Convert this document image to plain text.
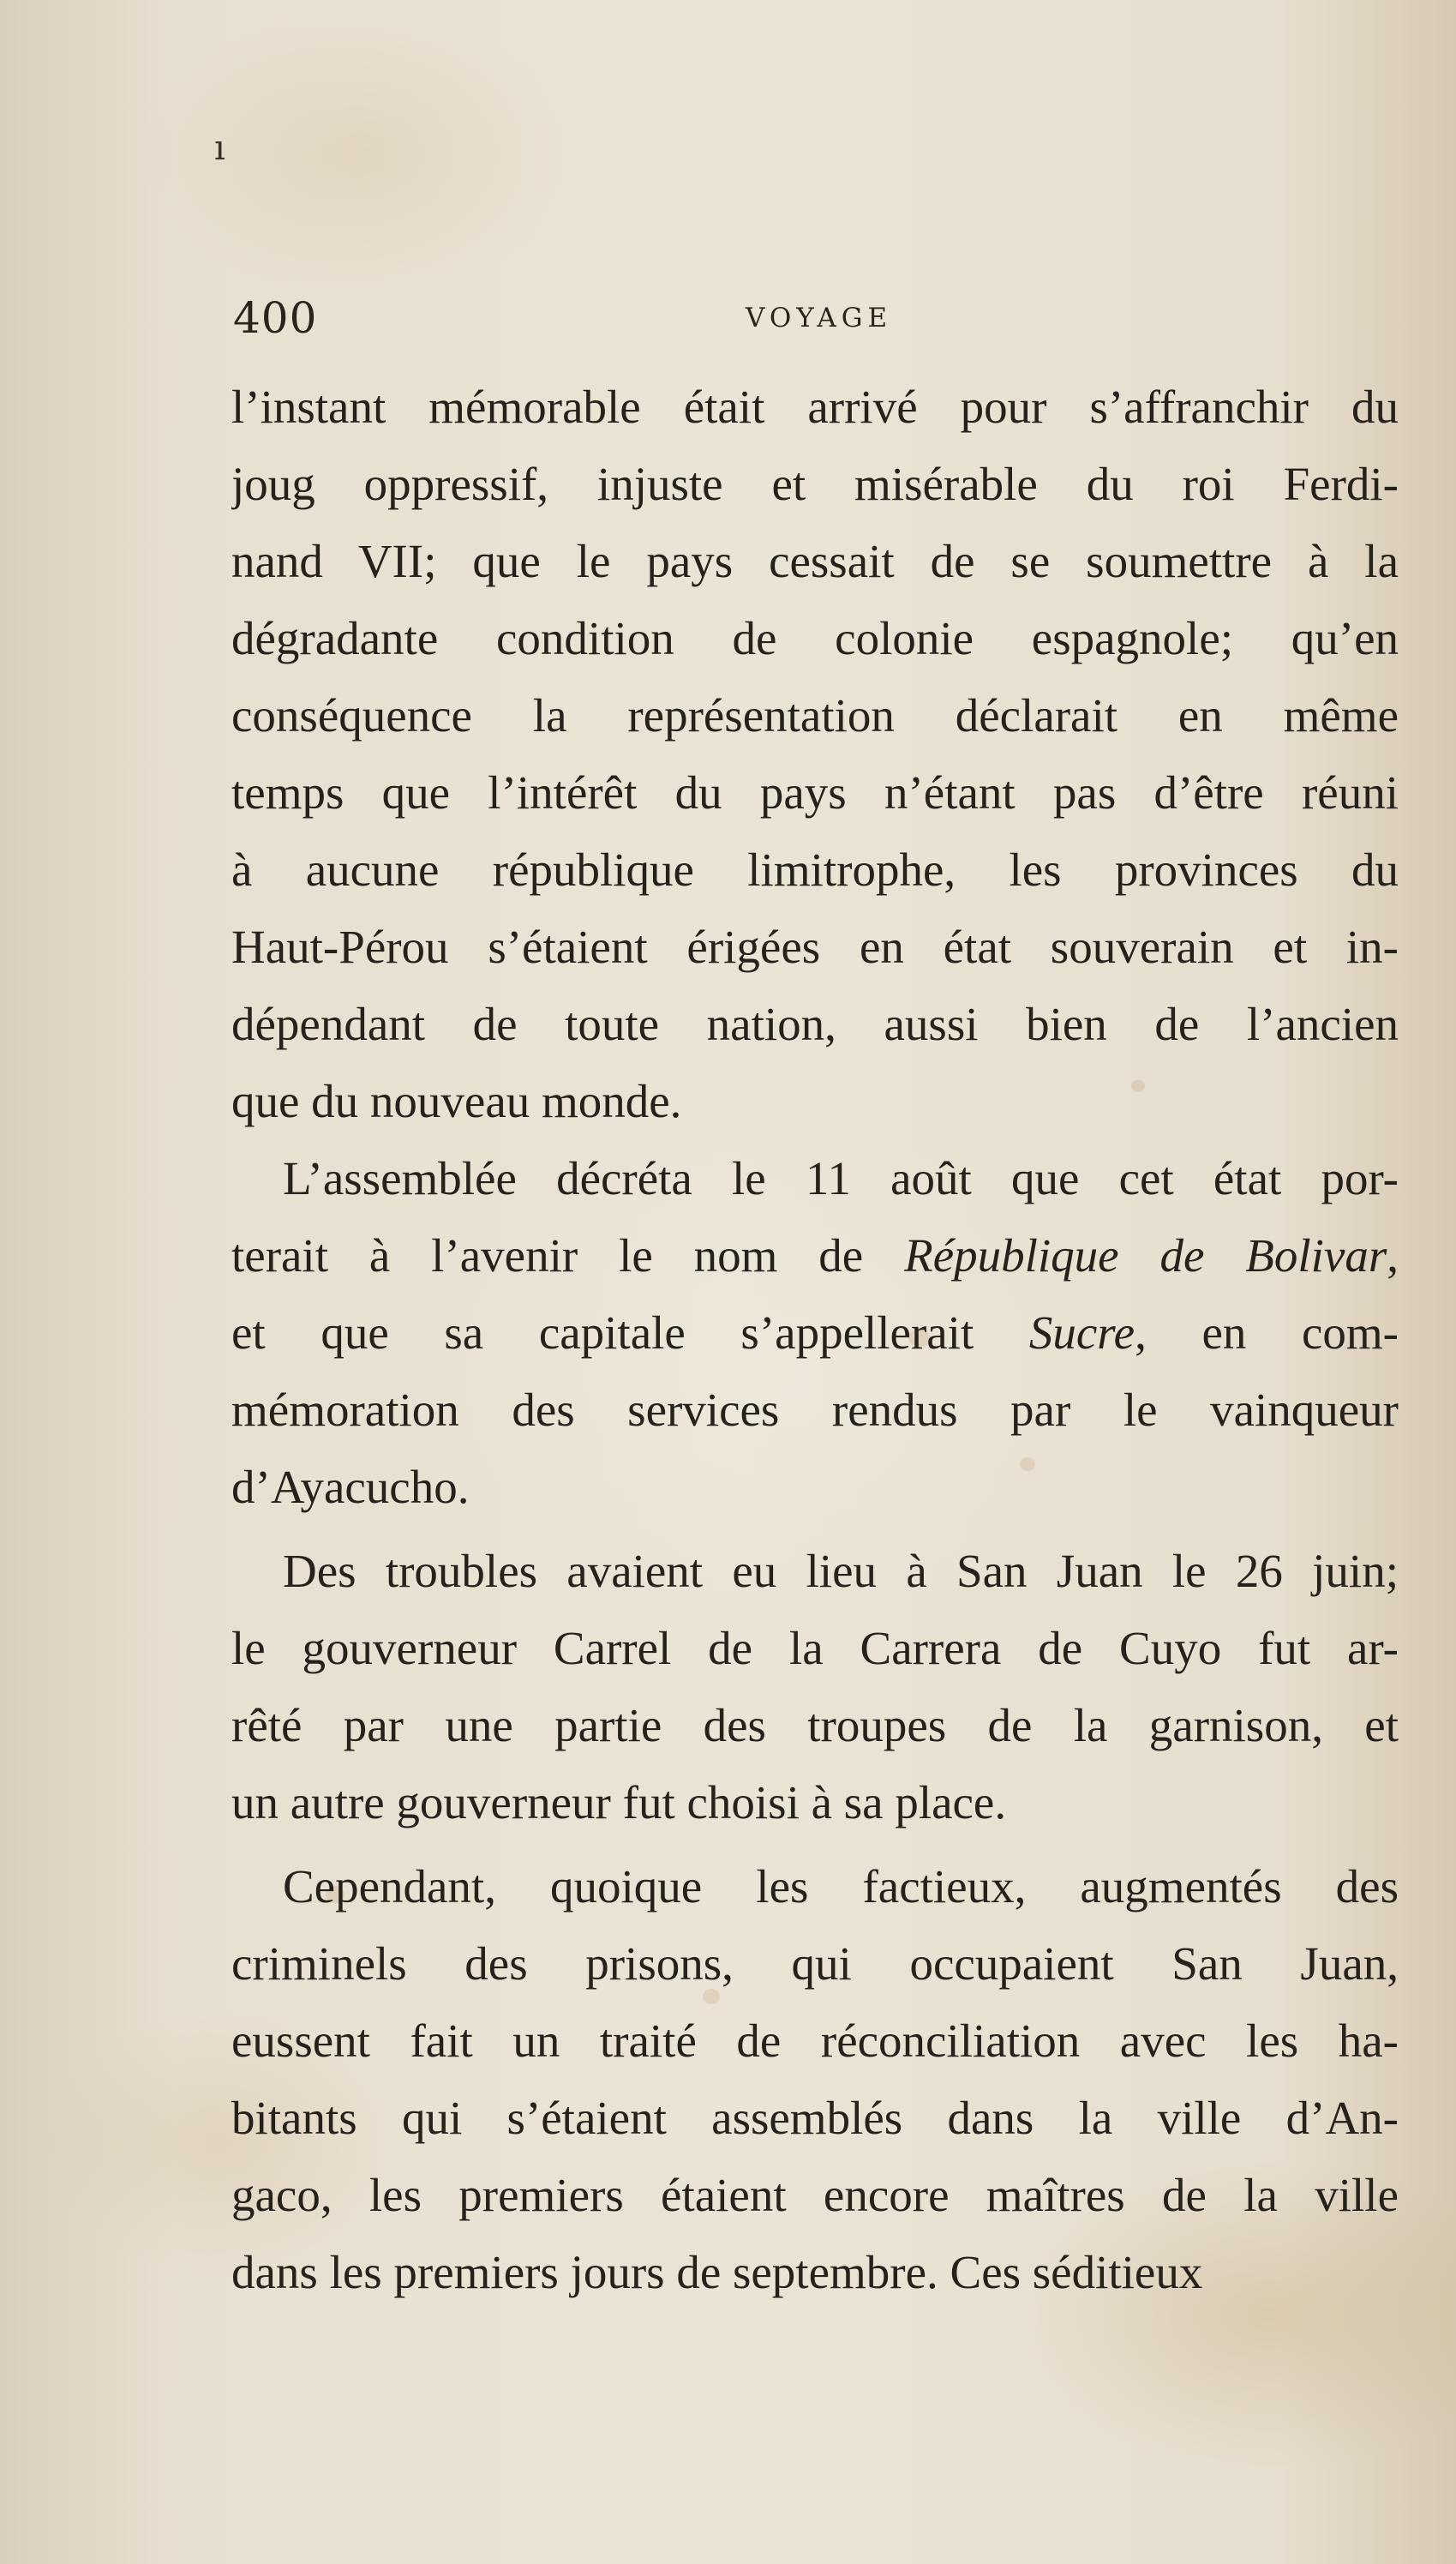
ı
400	VOYAGE
l’instant mémorable était arrivé pour s’affranchir du
joug oppressif, injuste et misérable du roi Ferdi-
nand VII; que le pays cessait de se soumettre à la
dégradante condition de colonie espagnole; qu’en
conséquence la représentation déclarait en même
temps que l’intérêt du pays n’étant pas d’être réuni
à aucune république limitrophe, les provinces du
Haut-Pérou s’étaient érigées en état souverain et in-
dépendant de toute nation, aussi bien de l’ancien
que du nouveau monde.
L’assemblée décréta le 11 août que cet état por-
terait à l’avenir le nom de République de Bolivar,
et que sa capitale s’appellerait Sucre, en com-
mémoration des services rendus par le vainqueur
d’Ayacucho.
Des troubles avaient eu lieu à San Juan le 26 juin;
le gouverneur Carrel de la Carrera de Cuyo fut ar-
rêté par une partie des troupes de la garnison, et
un autre gouverneur fut choisi à sa place.
Cependant, quoique les factieux, augmentés des
criminels des prisons, qui occupaient San Juan,
eussent fait un traité de réconciliation avec les ha-
bitants qui s’étaient assemblés dans la ville d’An-
gaco, les premiers étaient encore maîtres de la ville
dans les premiers jours de septembre. Ces séditieux
